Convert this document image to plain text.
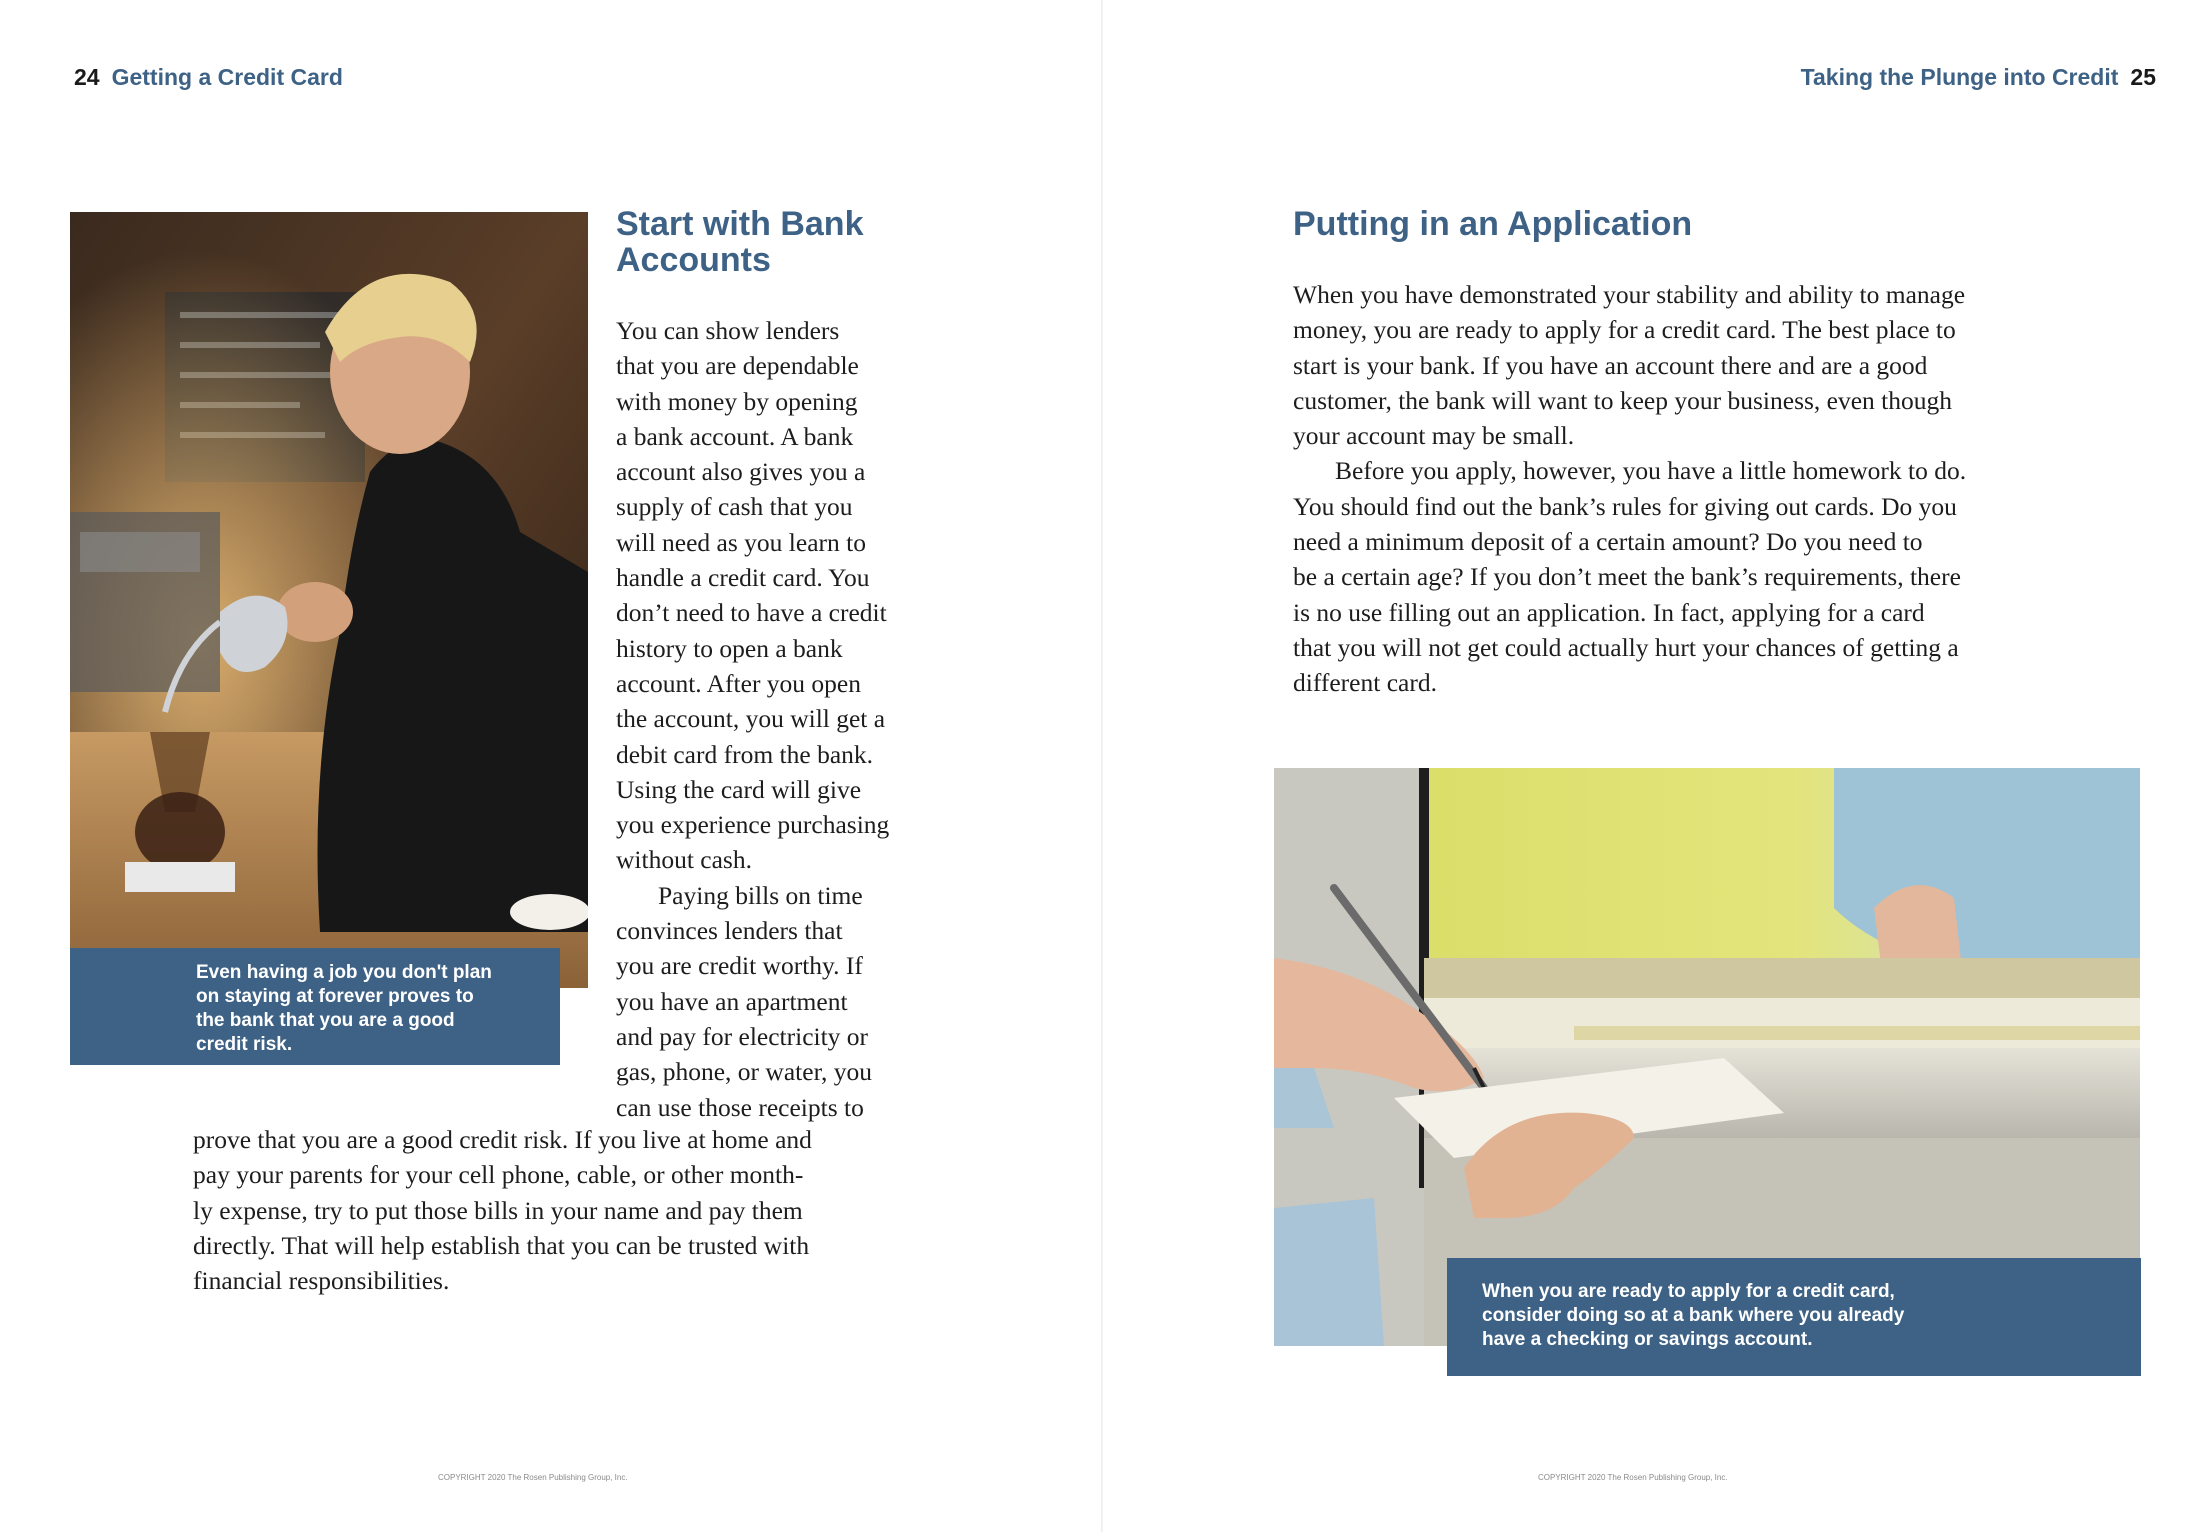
24 Getting a Credit Card
Even having a job you don't plan
on staying at forever proves to
the bank that you are a good
credit risk.
Start with Bank
Accounts
You can show lenders
that you are dependable
with money by opening
a bank account. A bank
account also gives you a
supply of cash that you
will need as you learn to
handle a credit card. You
don’t need to have a credit
history to open a bank
account. After you open
the account, you will get a
debit card from the bank.
Using the card will give
you experience purchasing
without cash.
Paying bills on time
convinces lenders that
you are credit worthy. If
you have an apartment
and pay for electricity or
gas, phone, or water, you
can use those receipts to
prove that you are a good credit risk. If you live at home and
pay your parents for your cell phone, cable, or other month-
ly expense, try to put those bills in your name and pay them
directly. That will help establish that you can be trusted with
financial responsibilities.
COPYRIGHT 2020 The Rosen Publishing Group, Inc.
Taking the Plunge into Credit 25
Putting in an Application
When you have demonstrated your stability and ability to manage
money, you are ready to apply for a credit card. The best place to
start is your bank. If you have an account there and are a good
customer, the bank will want to keep your business, even though
your account may be small.
Before you apply, however, you have a little homework to do.
You should find out the bank’s rules for giving out cards. Do you
need a minimum deposit of a certain amount? Do you need to
be a certain age? If you don’t meet the bank’s requirements, there
is no use filling out an application. In fact, applying for a card
that you will not get could actually hurt your chances of getting a
different card.
When you are ready to apply for a credit card,
consider doing so at a bank where you already
have a checking or savings account.
COPYRIGHT 2020 The Rosen Publishing Group, Inc.
